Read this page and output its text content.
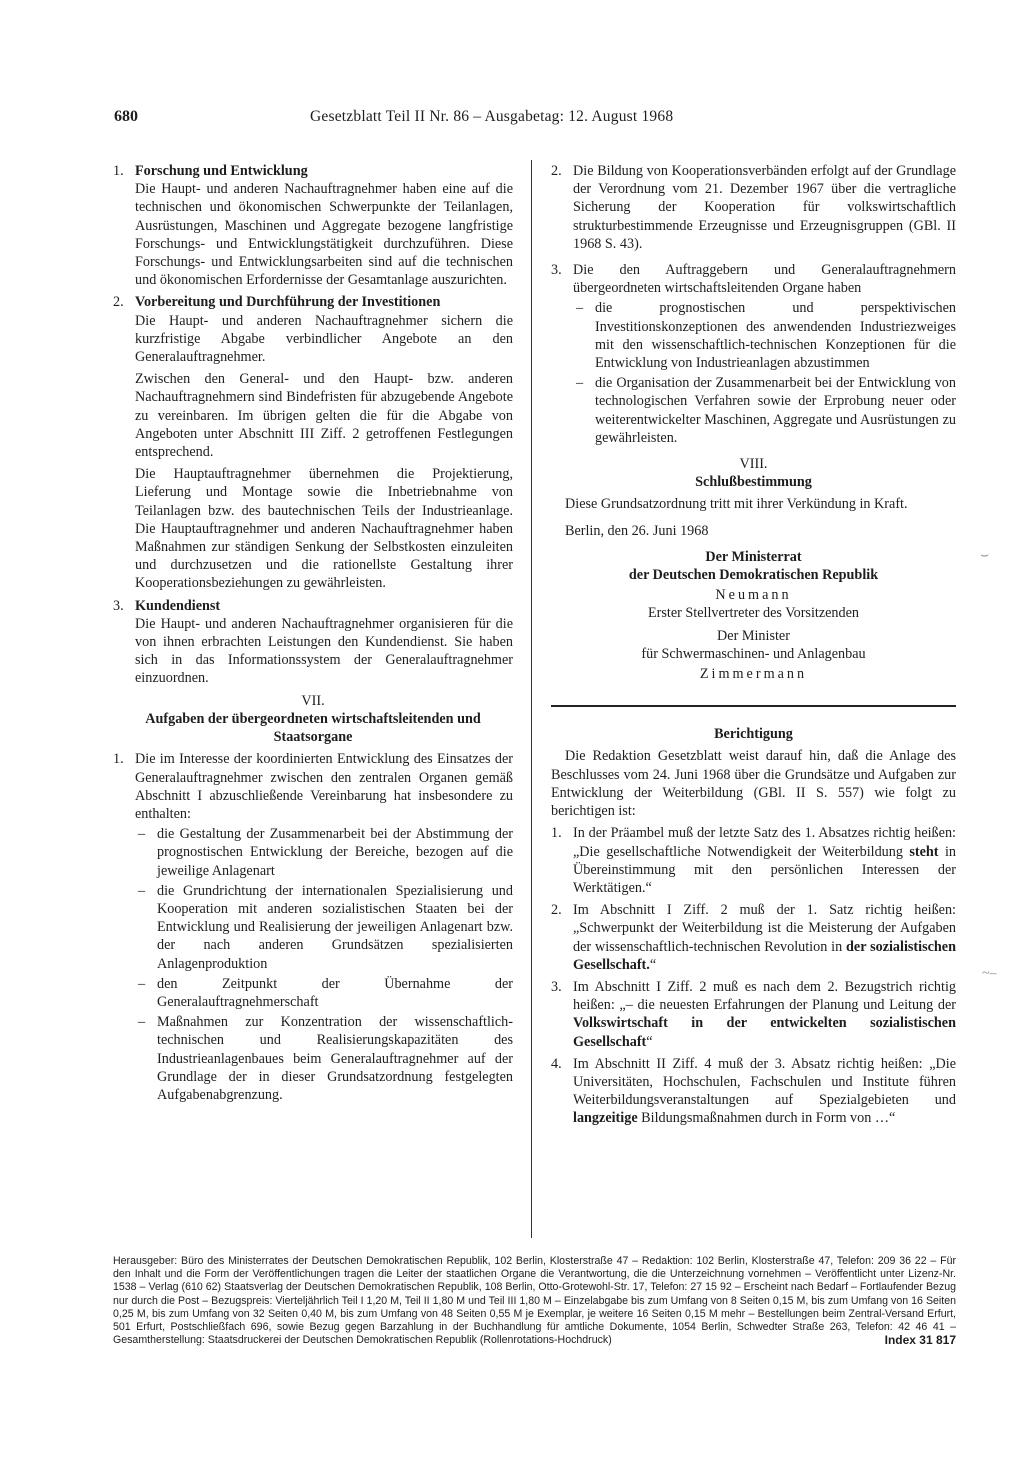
680	Gesetzblatt Teil II Nr. 86 – Ausgabetag: 12. August 1968
1. Forschung und Entwicklung

Die Haupt- und anderen Nachauftragnehmer haben eine auf die technischen und ökonomischen Schwerpunkte der Teilanlagen, Ausrüstungen, Maschinen und Aggregate bezogene langfristige Forschungs- und Entwicklungstätigkeit durchzuführen. Diese Forschungs- und Entwicklungsarbeiten sind auf die technischen und ökonomischen Erfordernisse der Gesamtanlage auszurichten.

2. Vorbereitung und Durchführung der Investitionen

Die Haupt- und anderen Nachauftragnehmer sichern die kurzfristige Abgabe verbindlicher Angebote an den Generalauftragnehmer.

Zwischen den General- und den Haupt- bzw. anderen Nachauftragnehmern sind Bindefristen für abzugebende Angebote zu vereinbaren. Im übrigen gelten die für die Abgabe von Angeboten unter Abschnitt III Ziff. 2 getroffenen Festlegungen entsprechend.

Die Hauptauftragnehmer übernehmen die Projektierung, Lieferung und Montage sowie die Inbetriebnahme von Teilanlagen bzw. des bautechnischen Teils der Industrieanlage. Die Hauptauftragnehmer und anderen Nachauftragnehmer haben Maßnahmen zur ständigen Senkung der Selbstkosten einzuleiten und durchzusetzen und die rationellste Gestaltung ihrer Kooperationsbeziehungen zu gewährleisten.

3. Kundendienst

Die Haupt- und anderen Nachauftragnehmer organisieren für die von ihnen erbrachten Leistungen den Kundendienst. Sie haben sich in das Informationssystem der Generalauftragnehmer einzuordnen.

VII.
Aufgaben der übergeordneten wirtschaftsleitenden und Staatsorgane
1. Die im Interesse der koordinierten Entwicklung des Einsatzes der Generalauftragnehmer zwischen den zentralen Organen gemäß Abschnitt I abzuschließende Vereinbarung hat insbesondere zu enthalten:

– die Gestaltung der Zusammenarbeit bei der Abstimmung der prognostischen Entwicklung der Bereiche, bezogen auf die jeweilige Anlagenart
– die Grundrichtung der internationalen Spezialisierung und Kooperation mit anderen sozialistischen Staaten bei der Entwicklung und Realisierung der jeweiligen Anlagenart bzw. der nach anderen Grundsätzen spezialisierten Anlagenproduktion
– den Zeitpunkt der Übernahme der Generalauftragnehmerschaft
– Maßnahmen zur Konzentration der wissenschaftlich-technischen und Realisierungskapazitäten des Industrieanlagenbaues beim Generalauftragnehmer auf der Grundlage der in dieser Grundsatzordnung festgelegten Aufgabenabgrenzung.
2. Die Bildung von Kooperationsverbänden erfolgt auf der Grundlage der Verordnung vom 21. Dezember 1967 über die vertragliche Sicherung der Kooperation für volkswirtschaftlich strukturbestimmende Erzeugnisse und Erzeugnisgruppen (GBl. II 1968 S. 43).

3. Die den Auftraggebern und Generalauftragnehmern übergeordneten wirtschaftsleitenden Organe haben

– die prognostischen und perspektivischen Investitionskonzeptionen des anwendenden Industriezweiges mit den wissenschaftlich-technischen Konzeptionen für die Entwicklung von Industrieanlagen abzustimmen
– die Organisation der Zusammenarbeit bei der Entwicklung von technologischen Verfahren sowie der Erprobung neuer oder weiterentwickelter Maschinen, Aggregate und Ausrüstungen zu gewährleisten.
VIII.
Schlußbestimmung

Diese Grundsatzordnung tritt mit ihrer Verkündung in Kraft.

Berlin, den 26. Juni 1968

Der Ministerrat
der Deutschen Demokratischen Republik
Neumann
Erster Stellvertreter des Vorsitzenden
Der Minister
für Schwermaschinen- und Anlagenbau
Zimmermann
Berichtigung

Die Redaktion Gesetzblatt weist darauf hin, daß die Anlage des Beschlusses vom 24. Juni 1968 über die Grundsätze und Aufgaben zur Entwicklung der Weiterbildung (GBl. II S. 557) wie folgt zu berichtigen ist:

1. In der Präambel muß der letzte Satz des 1. Absatzes richtig heißen: „Die gesellschaftliche Notwendigkeit der Weiterbildung steht in Übereinstimmung mit den persönlichen Interessen der Werktätigen.“

2. Im Abschnitt I Ziff. 2 muß der 1. Satz richtig heißen: „Schwerpunkt der Weiterbildung ist die Meisterung der Aufgaben der wissenschaftlich-technischen Revolution in der sozialistischen Gesellschaft.“

3. Im Abschnitt I Ziff. 2 muß es nach dem 2. Bezugstrich richtig heißen: „– die neuesten Erfahrungen der Planung und Leitung der Volkswirtschaft in der entwickelten sozialistischen Gesellschaft“

4. Im Abschnitt II Ziff. 4 muß der 3. Absatz richtig heißen: „Die Universitäten, Hochschulen, Fachschulen und Institute führen Weiterbildungsveranstaltungen auf Spezialgebieten und langzeitige Bildungsmaßnahmen durch in Form von …“

Herausgeber: Büro des Ministerrates der Deutschen Demokratischen Republik, 102 Berlin, Klosterstraße 47 – Redaktion: 102 Berlin, Klosterstraße 47, Telefon: 209 36 22 – Für den Inhalt und die Form der Veröffentlichungen tragen die Leiter der staatlichen Organe die Verantwortung, die die Unterzeichnung vornehmen – Veröffentlicht unter Lizenz-Nr. 1538 – Verlag (610 62) Staatsverlag der Deutschen Demokratischen Republik, 108 Berlin, Otto-Grotewohl-Str. 17, Telefon: 27 15 92 – Erscheint nach Bedarf – Fortlaufender Bezug nur durch die Post – Bezugspreis: Vierteljährlich Teil I 1,20 M, Teil II 1,80 M und Teil III 1,80 M – Einzelabgabe bis zum Umfang von 8 Seiten 0,15 M, bis zum Umfang von 16 Seiten 0,25 M, bis zum Umfang von 32 Seiten 0,40 M, bis zum Umfang von 48 Seiten 0,55 M je Exemplar, je weitere 16 Seiten 0,15 M mehr – Bestellungen beim Zentral-Versand Erfurt, 501 Erfurt, Postschließfach 696, sowie Bezug gegen Barzahlung in der Buchhandlung für amtliche Dokumente, 1054 Berlin, Schwedter Straße 263, Telefon: 42 46 41 – Gesamtherstellung: Staatsdruckerei der Deutschen Demokratischen Republik (Rollenrotations-Hochdruck)	Index 31 817
⌣
~–
